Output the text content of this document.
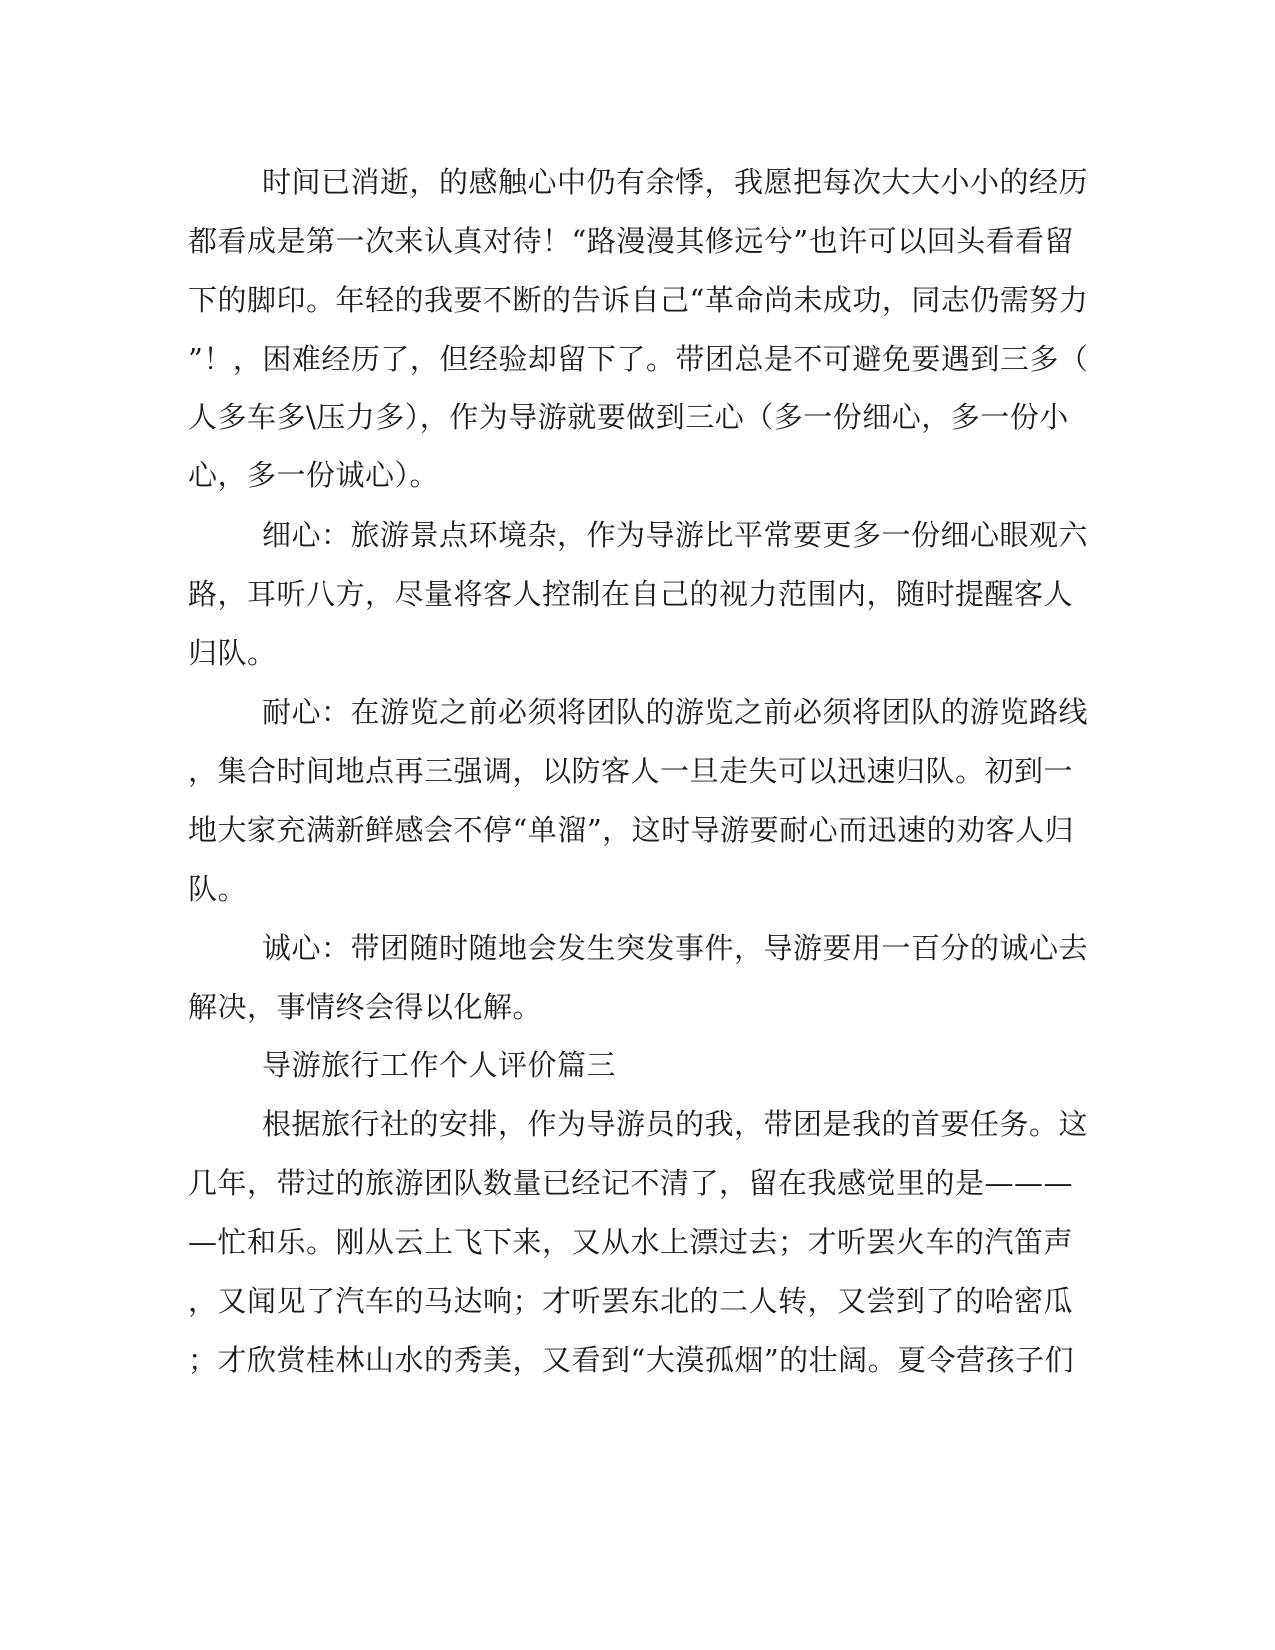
时间已消逝，的感触心中仍有余悸，我愿把每次大大小小的经历
都看成是第一次来认真对待！“路漫漫其修远兮”也许可以回头看看留
下的脚印。年轻的我要不断的告诉自己“革命尚未成功，同志仍需努力
”！，困难经历了，但经验却留下了。带团总是不可避免要遇到三多（
人多车多\压力多），作为导游就要做到三心（多一份细心，多一份小
心，多一份诚心）。
细心：旅游景点环境杂，作为导游比平常要更多一份细心眼观六
路，耳听八方，尽量将客人控制在自己的视力范围内，随时提醒客人
归队。
耐心：在游览之前必须将团队的游览之前必须将团队的游览路线
，集合时间地点再三强调，以防客人一旦走失可以迅速归队。初到一
地大家充满新鲜感会不停“单溜”，这时导游要耐心而迅速的劝客人归
队。
诚心：带团随时随地会发生突发事件，导游要用一百分的诚心去
解决，事情终会得以化解。
导游旅行工作个人评价篇三
根据旅行社的安排，作为导游员的我，带团是我的首要任务。这
几年，带过的旅游团队数量已经记不清了，留在我感觉里的是———
—忙和乐。刚从云上飞下来，又从水上漂过去；才听罢火车的汽笛声
，又闻见了汽车的马达响；才听罢东北的二人转，又尝到了的哈密瓜
；才欣赏桂林山水的秀美，又看到“大漠孤烟”的壮阔。夏令营孩子们
